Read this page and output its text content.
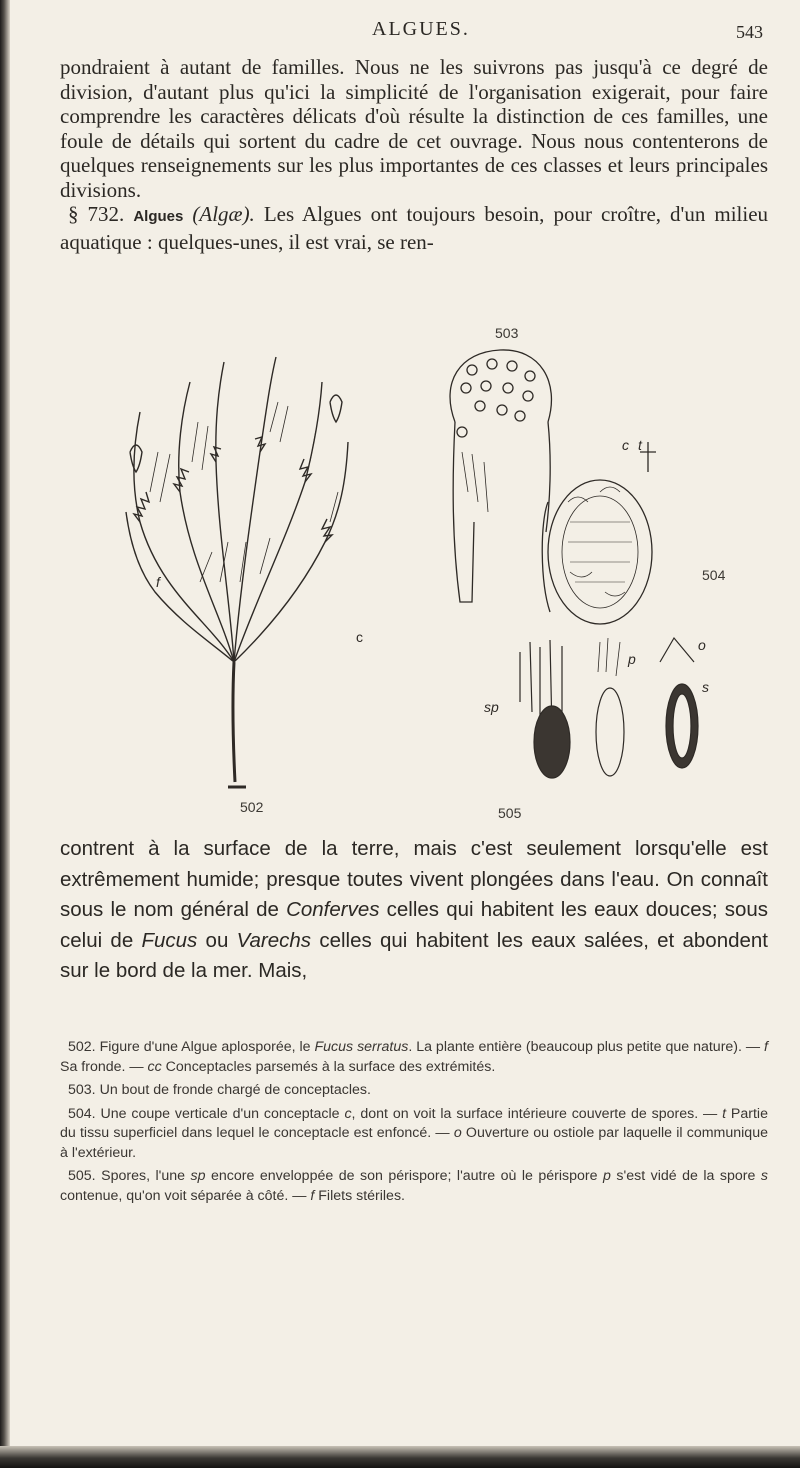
ALGUES.	543

pondraient à autant de familles. Nous ne les suivrons pas jusqu'à ce degré de division, d'autant plus qu'ici la simplicité de l'organisation exigerait, pour faire comprendre les caractères délicats d'où résulte la distinction de ces familles, une foule de détails qui sortent du cadre de cet ouvrage. Nous nous contenterons de quelques renseignements sur les plus importantes de ces classes et leurs principales divisions.

§ 732. Algues (Algæ). Les Algues ont toujours besoin, pour croître, d'un milieu aquatique : quelques-unes, il est vrai, se ren-

f
c
502
503
c t
504
o
p
s
sp
505

contrent à la surface de la terre, mais c'est seulement lorsqu'elle est extrêmement humide; presque toutes vivent plongées dans l'eau. On connaît sous le nom général de Conferves celles qui habitent les eaux douces; sous celui de Fucus ou Varechs celles qui habitent les eaux salées, et abondent sur le bord de la mer. Mais,

502. Figure d'une Algue aplosporée, le Fucus serratus. La plante entière (beaucoup plus petite que nature). — f Sa fronde. — cc Conceptacles parsemés à la surface des extrémités.

503. Un bout de fronde chargé de conceptacles.

504. Une coupe verticale d'un conceptacle c, dont on voit la surface intérieure couverte de spores. — t Partie du tissu superficiel dans lequel le conceptacle est enfoncé. — o Ouverture ou ostiole par laquelle il communique à l'extérieur.

505. Spores, l'une sp encore enveloppée de son périspore; l'autre où le périspore p s'est vidé de la spore s contenue, qu'on voit séparée à côté. — f Filets stériles.
